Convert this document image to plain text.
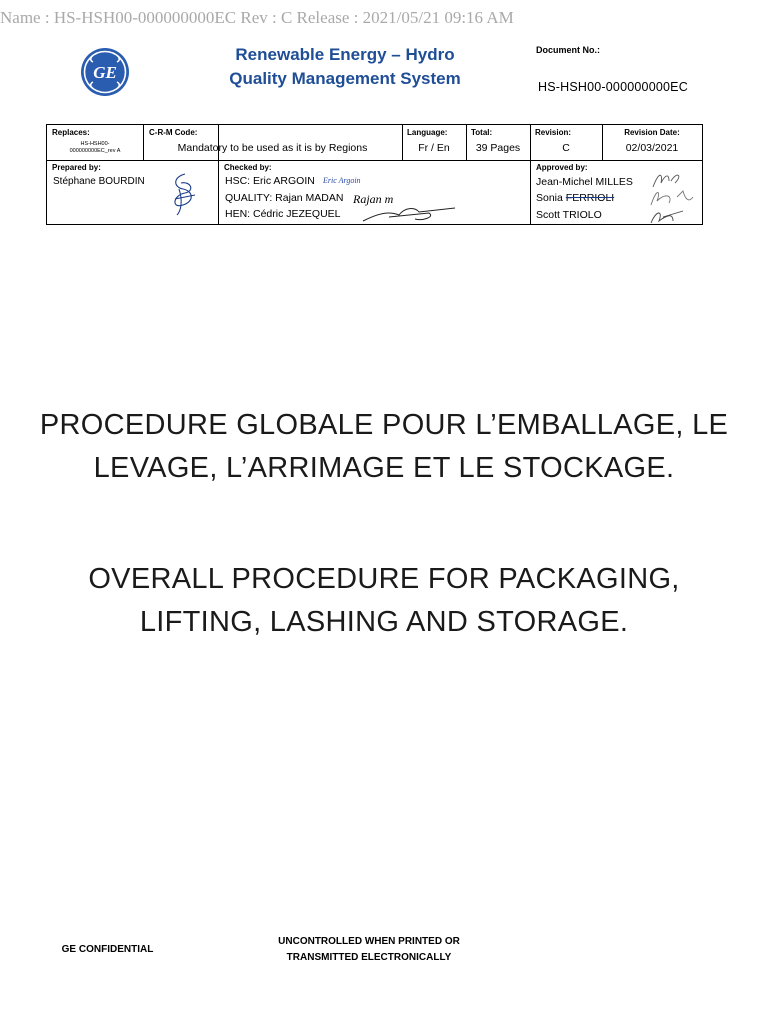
Name : HS-HSH00-000000000EC Rev : C Release : 2021/05/21 09:16 AM
GE
Renewable Energy – Hydro
Quality Management System
Document No.:
HS-HSH00-000000000EC
Replaces:
HS-HSH00-
000000000EC_rev A
C-R-M Code:
Mandatory to be used as it is by Regions
Language:
Fr / En
Total:
39 Pages
Revision:
C
Revision Date:
02/03/2021
Prepared by:
Stéphane BOURDIN
Checked by:
HSC: Eric ARGOIN Eric Argoin
QUALITY: Rajan MADAN Rajan m
HEN: Cédric JEZEQUEL
Approved by:
Jean-Michel MILLES
Sonia FERRIOLI
Scott TRIOLO
PROCEDURE GLOBALE POUR L’EMBALLAGE, LE
LEVAGE, L’ARRIMAGE ET LE STOCKAGE.
OVERALL PROCEDURE FOR PACKAGING,
LIFTING, LASHING AND STORAGE.
GE CONFIDENTIAL
UNCONTROLLED WHEN PRINTED OR
TRANSMITTED ELECTRONICALLY
